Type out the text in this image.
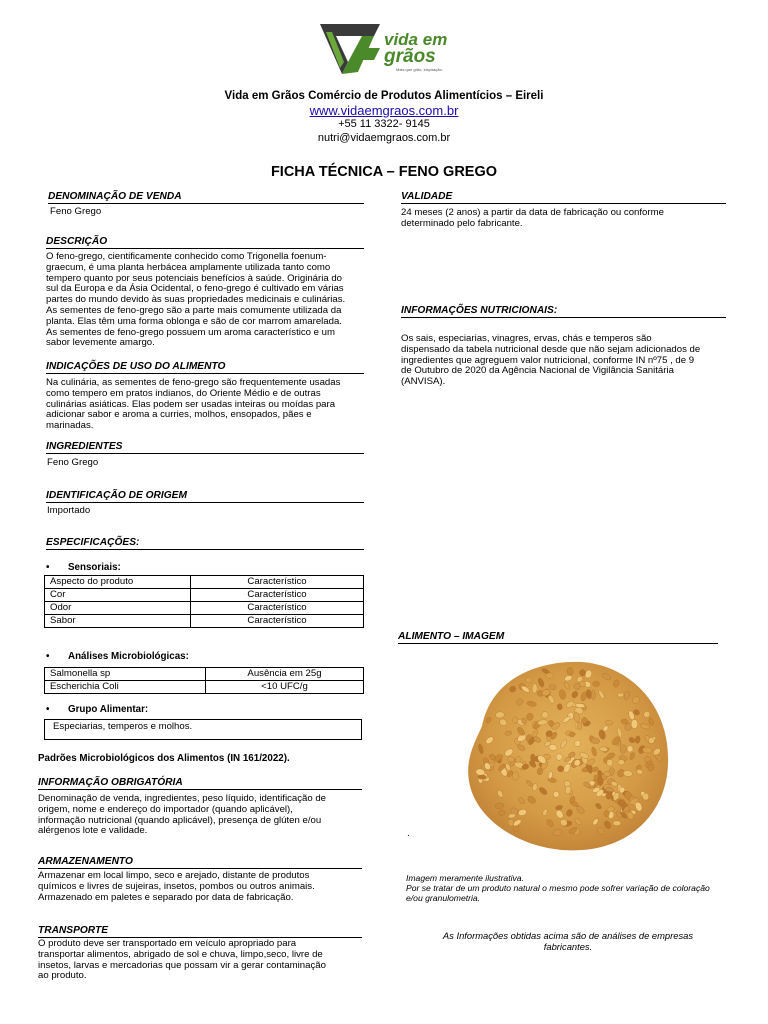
vida em
grãos
Mais que grão, inspiração.
Vida em Grãos Comércio de Produtos Alimentícios – Eireli
www.vidaemgraos.com.br
+55 11 3322- 9145
nutri@vidaemgraos.com.br
FICHA TÉCNICA – FENO GREGO
DENOMINAÇÃO DE VENDA
Feno Grego
DESCRIÇÃO
O feno-grego, cientificamente conhecido como Trigonella foenum-
graecum, é uma planta herbácea amplamente utilizada tanto como
tempero quanto por seus potenciais benefícios à saúde. Originária do
sul da Europa e da Ásia Ocidental, o feno-grego é cultivado em várias
partes do mundo devido às suas propriedades medicinais e culinárias.
As sementes de feno-grego são a parte mais comumente utilizada da
planta. Elas têm uma forma oblonga e são de cor marrom amarelada.
As sementes de feno-grego possuem um aroma característico e um
sabor levemente amargo.
INDICAÇÕES DE USO DO ALIMENTO
Na culinária, as sementes de feno-grego são frequentemente usadas
como tempero em pratos indianos, do Oriente Médio e de outras
culinárias asiáticas. Elas podem ser usadas inteiras ou moídas para
adicionar sabor e aroma a curries, molhos, ensopados, pães e
marinadas.
INGREDIENTES
Feno Grego
IDENTIFICAÇÃO DE ORIGEM
Importado
ESPECIFICAÇÕES:
• Sensoriais:
Aspecto do produto	Característico
Cor	Característico
Odor	Característico
Sabor	Característico
• Análises Microbiológicas:
Salmonella sp	Ausência em 25g
Escherichia Coli	<10 UFC/g
• Grupo Alimentar:
Especiarias, temperos e molhos.
Padrões Microbiológicos dos Alimentos (IN 161/2022).
INFORMAÇÃO OBRIGATÓRIA
Denominação de venda, ingredientes, peso líquido, identificação de
origem, nome e endereço do importador (quando aplicável),
informação nutricional (quando aplicável), presença de glúten e/ou
alérgenos lote e validade.
ARMAZENAMENTO
Armazenar em local limpo, seco e arejado, distante de produtos
químicos e livres de sujeiras, insetos, pombos ou outros animais.
Armazenado em paletes e separado por data de fabricação.
TRANSPORTE
O produto deve ser transportado em veículo apropriado para
transportar alimentos, abrigado de sol e chuva, limpo,seco, livre de
insetos, larvas e mercadorias que possam vir a gerar contaminação
ao produto.
VALIDADE
24 meses (2 anos) a partir da data de fabricação ou conforme
determinado pelo fabricante.
INFORMAÇÕES NUTRICIONAIS:
Os sais, especiarias, vinagres, ervas, chás e temperos são
dispensado da tabela nutricional desde que não sejam adicionados de
ingredientes que agreguem valor nutricional, conforme IN nº75 , de 9
de Outubro de 2020 da Agência Nacional de Vigilância Sanitária
(ANVISA).
ALIMENTO – IMAGEM
.
Imagem meramente ilustrativa.
Por se tratar de um produto natural o mesmo pode sofrer variação de coloração
e/ou granulometria.
As Informações obtidas acima são de análises de empresas
fabricantes.
